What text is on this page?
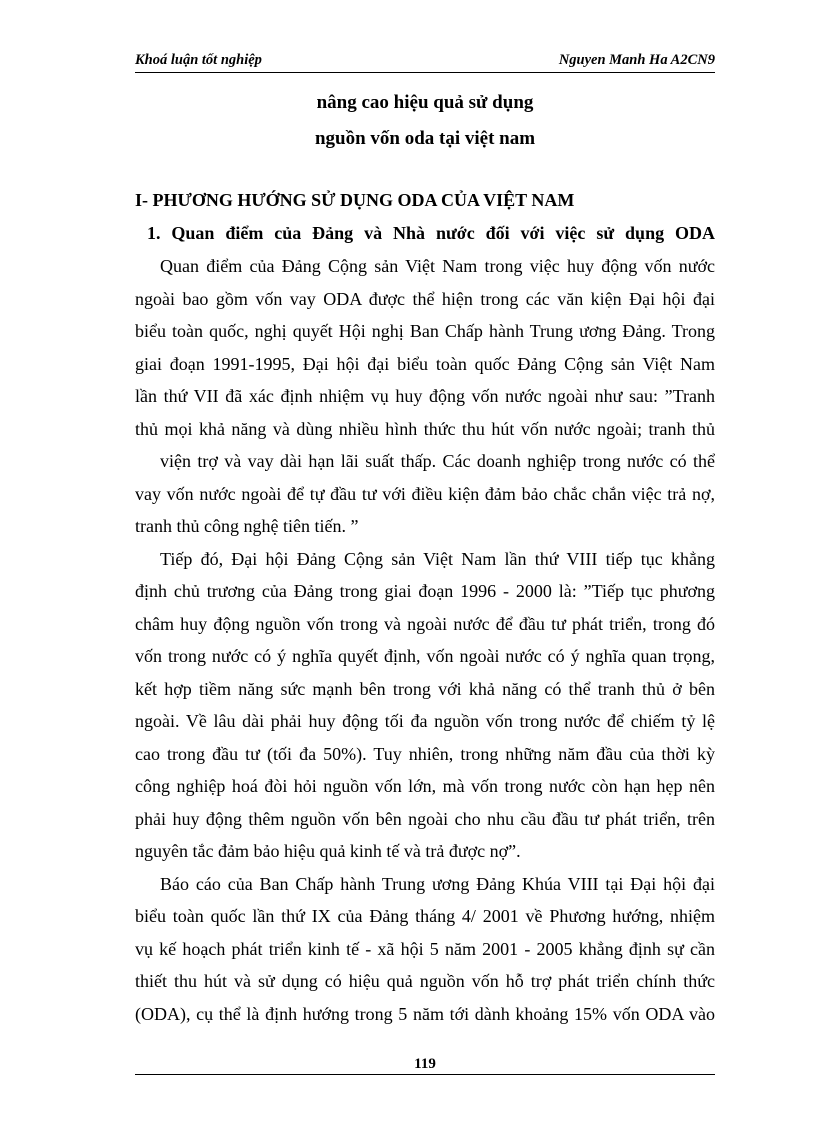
Khoá luận tốt nghiệp	Nguyen Manh Ha A2CN9
nâng cao hiệu quả sử dụng
nguồn vốn oda tại việt nam
I- PHƯƠNG HƯỚNG SỬ DỤNG ODA CỦA VIỆT NAM
1. Quan điểm của Đảng và Nhà nước đối với việc sử dụng ODA
Quan điểm của Đảng Cộng sản Việt Nam trong việc huy động vốn nước
ngoài bao gồm vốn vay ODA được thể hiện trong các văn kiện Đại hội đại
biểu toàn quốc, nghị quyết Hội nghị Ban Chấp hành Trung ương Đảng. Trong
giai đoạn 1991-1995, Đại hội đại biểu toàn quốc Đảng Cộng sản Việt Nam
lần thứ VII đã xác định nhiệm vụ huy động vốn nước ngoài như sau: ”Tranh
thủ mọi khả năng và dùng nhiều hình thức thu hút vốn nước ngoài; tranh thủ
viện trợ và vay dài hạn lãi suất thấp. Các doanh nghiệp trong nước có thể
vay vốn nước ngoài để tự đầu tư với điều kiện đảm bảo chắc chắn việc trả nợ,
tranh thủ công nghệ tiên tiến. ”
Tiếp đó, Đại hội Đảng Cộng sản Việt Nam lần thứ VIII tiếp tục khẳng
định chủ trương của Đảng trong giai đoạn 1996 - 2000 là: ”Tiếp tục phương
châm huy động nguồn vốn trong và ngoài nước để đầu tư phát triển, trong đó
vốn trong nước có ý nghĩa quyết định, vốn ngoài nước có ý nghĩa quan trọng,
kết hợp tiềm năng sức mạnh bên trong với khả năng có thể tranh thủ ở bên
ngoài. Về lâu dài phải huy động tối đa nguồn vốn trong nước để chiếm tỷ lệ
cao trong đầu tư (tối đa 50%). Tuy nhiên, trong những năm đầu của thời kỳ
công nghiệp hoá đòi hỏi nguồn vốn lớn, mà vốn trong nước còn hạn hẹp nên
phải huy động thêm nguồn vốn bên ngoài cho nhu cầu đầu tư phát triển, trên
nguyên tắc đảm bảo hiệu quả kinh tế và trả được nợ”.
Báo cáo của Ban Chấp hành Trung ương Đảng Khúa VIII tại Đại hội đại
biểu toàn quốc lần thứ IX của Đảng tháng 4/ 2001 về Phương hướng, nhiệm
vụ kế hoạch phát triển kinh tế - xã hội 5 năm 2001 - 2005 khẳng định sự cần
thiết thu hút và sử dụng có hiệu quả nguồn vốn hỗ trợ phát triển chính thức
(ODA), cụ thể là định hướng trong 5 năm tới dành khoảng 15% vốn ODA vào
119
